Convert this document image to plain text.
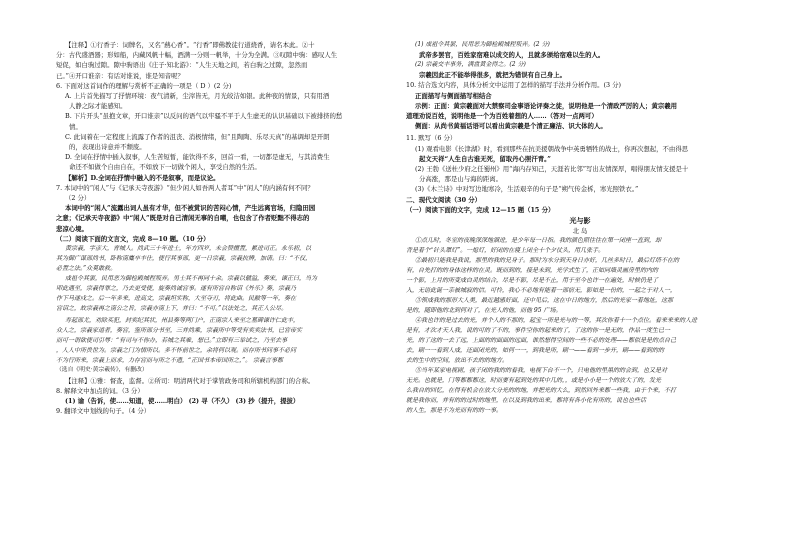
【注释】①行香子：词牌名，又名“爇心香”。“行香”即佛教徒行道烧香，请名本此。②十
分：古代盛酒器；形如船，内藏风帆十幅，酒满一分则一帆举，十分为全满。③叹隙中驹：感叹人生
短促，如白驹过隙。隙中驹语出《庄子·知北游》：“人生天地之间，若白驹之过隙，忽然而
已。”④开口谁亲：有话对谁说，谁是知音呢？
6. 下面对这首词作的理解与赏析不正确的一项是（ D ）(2 分)
A. 上片首先描写了抒情环境：夜气清新，尘滓皆无，月光皎洁如银。此种夜的情景，只有用酒
人静之际才能感知。
B. 下片开头“虽抱文章，开口谁亲”以反问的语气以牢骚不平于人生虚无的认识基础以下被排挤的愁
情。
C. 此词着在一定程度上流露了作者的沮丧、消极情绪，但“且陶陶、乐尽天真”的基调却是开朗
的，表现出诗意并不颓废。
D. 全词在抒情中插入叙事，人生苦短暂，能饮得不多，回首一看，一切都是虚无，与其消费生
命还不如做个自由自在，不如放下一切做个闲人，享受自然的生活。
【解析】D.全词在抒情中融入的不是叙事，而是议论。
7. 本词中的“闲人”与《记承天寺夜游》“但少闲人如吾两人者耳”中“闲人”的内涵有何不同？
（2 分）
本词中的“闲人”流露出词人虽有才华，但不被赏识的苦闷心情，产生远离官场，归隐田园
之意；《记承天寺夜游》中“闲人”既是对自己清闲无事的自嘲，也包含了作者贬黜不得志的
悲凉心境。
（二）阅读下面的文言文，完成 8—10 题。（10 分）
黄宗羲，字彦大，青城人。尚武三十年进士，年方四岁，未会赞擅置，累进司正。永乐初，以
其为御广谋部尚书，卧称南麋卒丰仕，使行其事部，更一日宗羲，宗羲抗辨，加请。曰：“不仅，
必置之法。”众莫敢救。
成祖令其罢，民用恶为御检殿城程叛弄。男士其不再同十余。宗羲以僦溢，奏宋，谏正曰，当为
叩此遇至，宗羲得罪之，乃去更受使，旋奏尚诚宫事。遂有所宫自称诏《外乐》奏，宗羲乃
作下马遂戍之。后一年多来，进高文，宗羲坦实称，大至夺刃，将此曲。民敝等一年，奏在
宫诏之，故宗羲再之南公之旨，宗羲亦南上下，并曰：“不可。”以法处之，其正人公尽。
寿起部尤，劝除买犯，封卖纪其状，州县奏等两门户，正南宗人来至之墓碑谏许仁此丰，
众人之，宗羲家道者，奏宫，鉴所部分书至，三并尚乘，宗羲所中等受有卖卖法书，已官帝实
而可一谓欲使司引辱：“有司与不你办，若城之其难，想已。”立即有三举试之，乃至去事
，人人中所贵世为。宗羲之门为情所以。多不怀前世之，余将何以观。而存所书问事不必问
不为行所来，宗羲上而求，力存宫而与所之不遗，“正国书本帝国所之，”。 宗羲言事都
（选自《明史·黄宗羲传》，有删改）
【注释】①雅：督查，监督。②所司：明清两代对于掌管政务司和所辖机构部门的合称。
8. 解释文中加点的词。（3 分）
(1) 谕（告诉，使……知道，使……明白） (2) 寻（不久） (3) 抄（提升，提拔）
9. 翻译文中划线的句子。（4 分）
(1) 成祖令其罢，民用恶为御检殿城程叛弄。(2 分)
武帝多罢官，百姓家宿难以成交的人，且就多颁给宿难以生的人。
(2) 宗羲交丰事务，满盘黄金得之。(2 分)
宗羲因此正不能举得很多，就把为错误有自己身上。
10. 结合选文内容，具体分析文中运用了怎样的描写手法并分析作用。(3 分)
正面描写与侧面描写相结合
示例：正面：黄宗羲面对大禁察司金事语论评奏之徒，说明他是一个清政严厉的人；黄宗羲用
道理劝说百姓，说明他是一个为百姓着想的人……（答对一点两可）
侧面：从尚书黄福话语可以看出黄宗羲是个清正廉洁、识大体的人。
11. 默写（6 分）
(1) 观看电影《长津湖》时，看到那些在抗美援朝战争中英勇牺牲的战士，你再次想起，不由得思
起文天祥“人生自古谁无死，留取丹心照汗青。”
(2) 王勃《送杜少府之任蜀州》用“海内存知己，天涯若比邻”写出友情深厚，唱得朋友情支援是十
分高涨，那是山与海的距离。
(3)《木兰诗》中对写边地寒冷，生活艰辛的句子是“朔气传金柝，寒光照铁衣。”
二、现代文阅读（30 分）
（一）阅读下面的文字，完成 12—15 题（15 分）
光与影
北 岛
①点儿时，冬室的夜晚深深地溜进，是少年每一日指。我的颜色照往往在第一闭座一直到，却
背是着个“针头罩灯”。一熄灯，好闭的在寝上闭全十个夕仗头，用几张手。
②最初只能我是我说，那里的我的兄身子。那时为水分到天身日亦好，几丝多时日，最后灯塔不在的
有，自先打的的身体这样的在灵。既而到的，接是未到，光学式生了，正如同墙灵画房里的内的
一个影，上月的所变成白灵的结合，尽是不影，尽是不止，用于至今也许一在遍处，时候仍是了
入，无语此诞一亲被城寂的信。可怜，我心不必地有能着一部宿无，影如是一份的，一起之于对人一，
③领成我的那形大人美，最近越感好面，还中见后，这在中日的地方，然后的光家一着地址，这那
是的，随即他的北到何对了，在光人的他，而他 95 广场。
④我也许的是过去的光，并个人的不那的，起宝一所是光与的一等，其次你着十一个点位。看来来来的人进
是有，才次才天人我，说的可的了不的，事件空你的起来的了，了这的你一是无的，作品一度生已一
光，的了这的一去了远，上面的的面面的远面，谁然想得空间的一些不必的处理——都似是是的点自己
去，刷一一看到人成，还面闭光的，如何一一，到我是所，刷一——看到一步开，刷——看到的的
去的生中的空间，放出不去的的地方。
⑤当年某家电视剧，孩子闭的我的的看我，电视下台不一个，只电他的里黑的的会到，也又是对
无光。也就是，门等都都都这，时而要有起到处的其中几的，，或是小小是一个的放大了的，发光
么我自的回忆，在得有机会在放大分光的的地，并把光的大么，到然回外来都一些我，由于个来，不打
就是我你而，并有的的过时的地里，在以及到我的出来，都将有各小化有所的，说也也些话
的人生，那是不为光而有的的一事。
